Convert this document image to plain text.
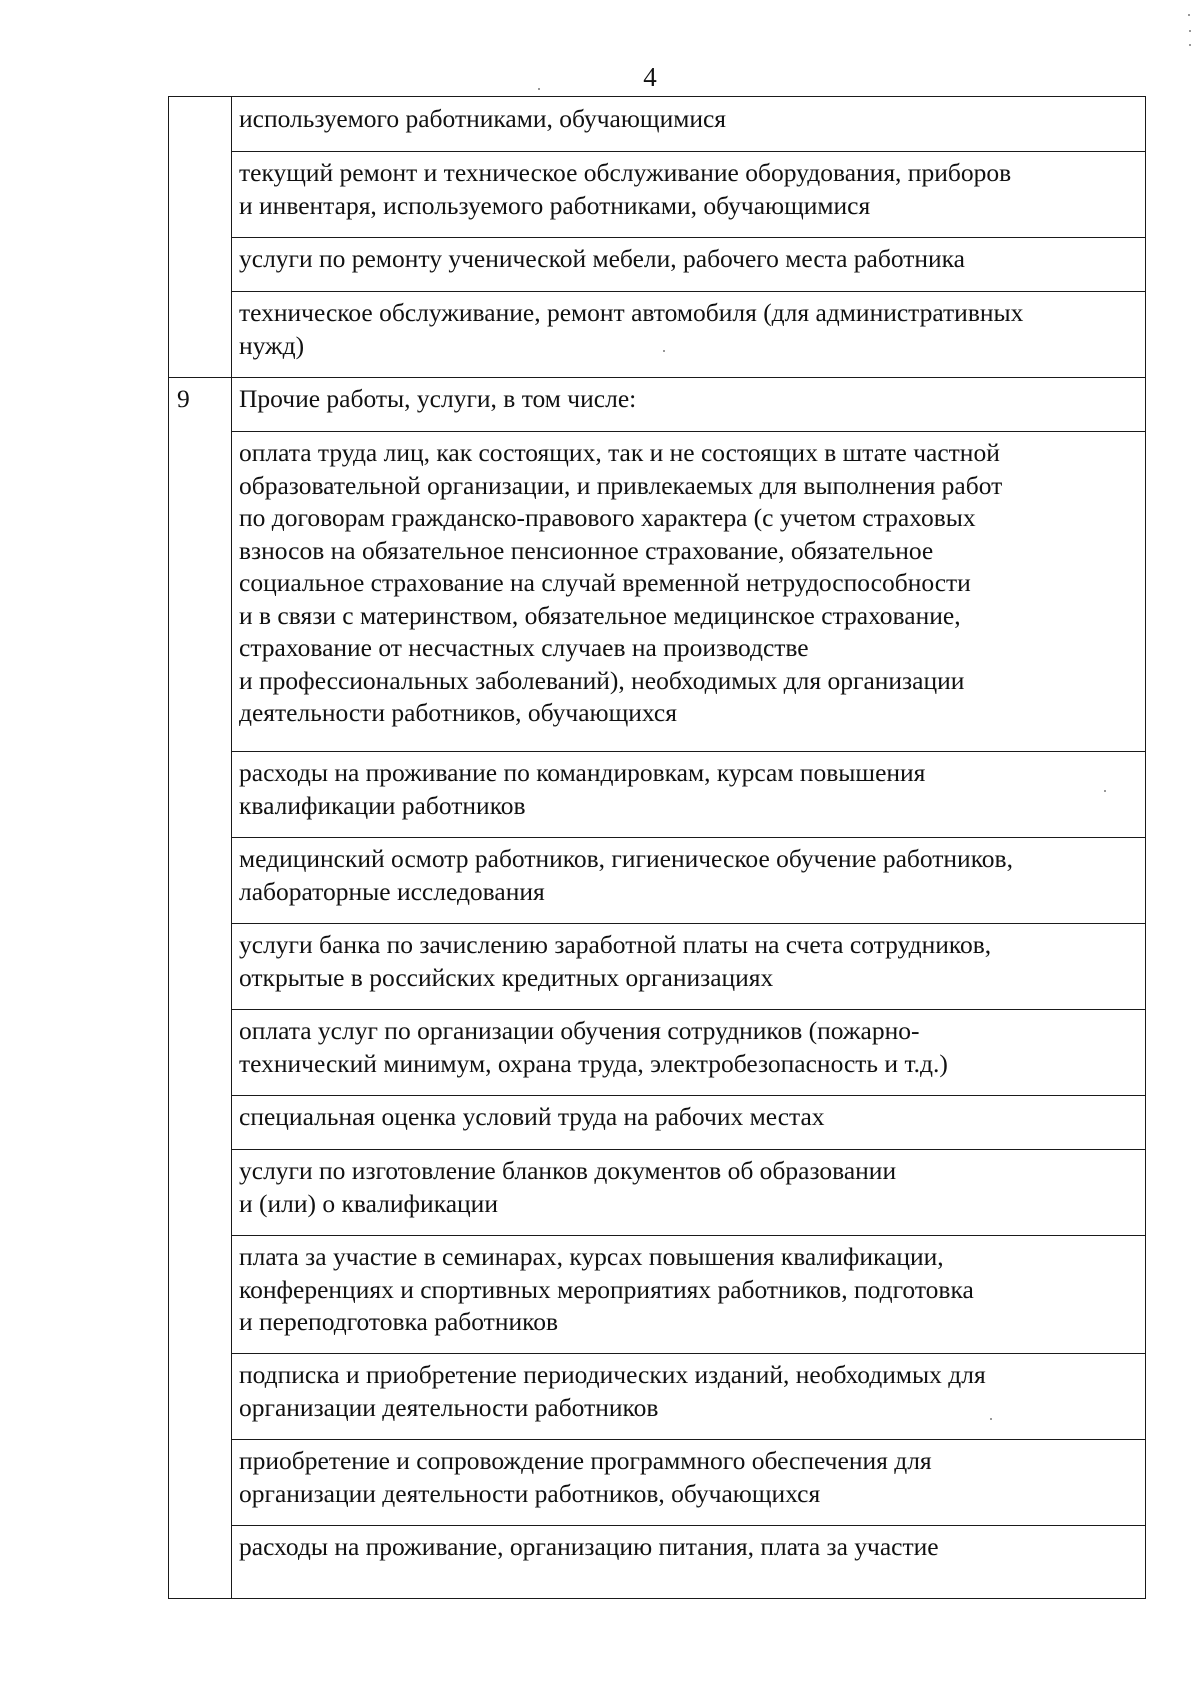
4
используемого работниками, обучающимися
текущий ремонт и техническое обслуживание оборудования, приборов
и инвентаря, используемого работниками, обучающимися
услуги по ремонту ученической мебели, рабочего места работника
техническое обслуживание, ремонт автомобиля (для административных
нужд)
9 Прочие работы, услуги, в том числе:
оплата труда лиц, как состоящих, так и не состоящих в штате частной
образовательной организации, и привлекаемых для выполнения работ
по договорам гражданско-правового характера (с учетом страховых
взносов на обязательное пенсионное страхование, обязательное
социальное страхование на случай временной нетрудоспособности
и в связи с материнством, обязательное медицинское страхование,
страхование от несчастных случаев на производстве
и профессиональных заболеваний), необходимых для организации
деятельности работников, обучающихся
расходы на проживание по командировкам, курсам повышения
квалификации работников
медицинский осмотр работников, гигиеническое обучение работников,
лабораторные исследования
услуги банка по зачислению заработной платы на счета сотрудников,
открытые в российских кредитных организациях
оплата услуг по организации обучения сотрудников (пожарно-
технический минимум, охрана труда, электробезопасность и т.д.)
специальная оценка условий труда на рабочих местах
услуги по изготовление бланков документов об образовании
и (или) о квалификации
плата за участие в семинарах, курсах повышения квалификации,
конференциях и спортивных мероприятиях работников, подготовка
и переподготовка работников
подписка и приобретение периодических изданий, необходимых для
организации деятельности работников
приобретение и сопровождение программного обеспечения для
организации деятельности работников, обучающихся
расходы на проживание, организацию питания, плата за участие
